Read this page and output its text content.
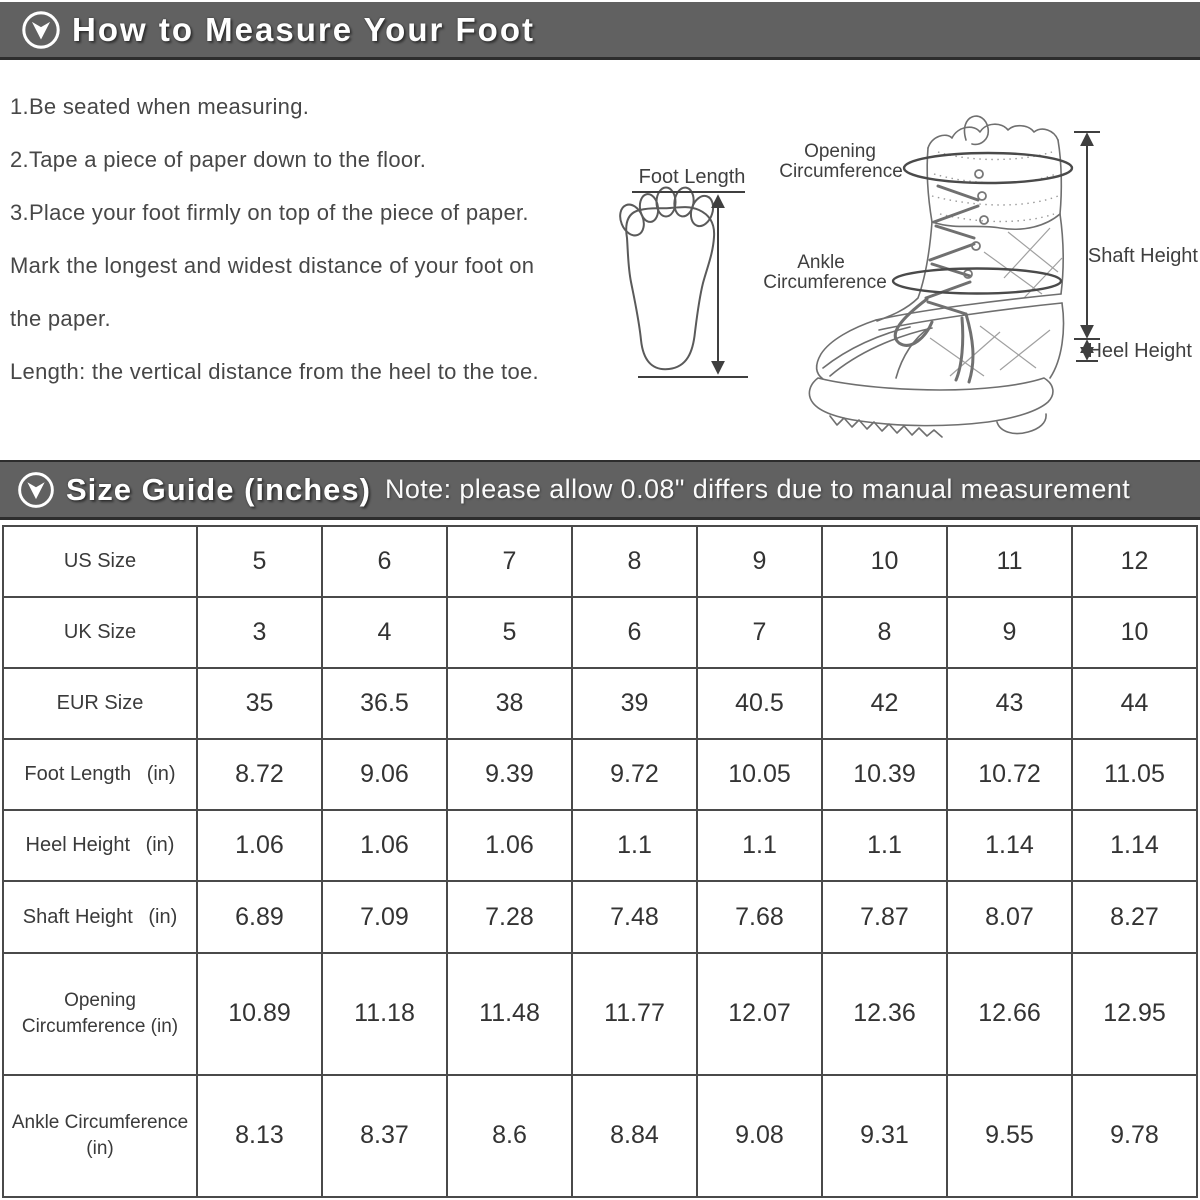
How to Measure Your Foot

1.Be seated when measuring.

2.Tape a piece of paper down to the floor.

3.Place your foot firmly on top of the piece of paper.

Mark the longest and widest distance of your foot on

the paper.

Length: the vertical distance from the heel to the toe.

Foot Length
Opening
Circumference
Ankle
Circumference
Shaft Height
Heel Height
Size Guide (inches) Note: please allow 0.08" differs due to manual measurement
US Size	5	6	7	8	9	10	11	12
UK Size	3	4	5	6	7	8	9	10
EUR Size	35	36.5	38	39	40.5	42	43	44
Foot Length  (in)	8.72	9.06	9.39	9.72	10.05	10.39	10.72	11.05
Heel Height  (in)	1.06	1.06	1.06	1.1	1.1	1.1	1.14	1.14
Shaft Height  (in)	6.89	7.09	7.28	7.48	7.68	7.87	8.07	8.27
Opening Circumference (in)	10.89	11.18	11.48	11.77	12.07	12.36	12.66	12.95
Ankle Circumference (in)	8.13	8.37	8.6	8.84	9.08	9.31	9.55	9.78
